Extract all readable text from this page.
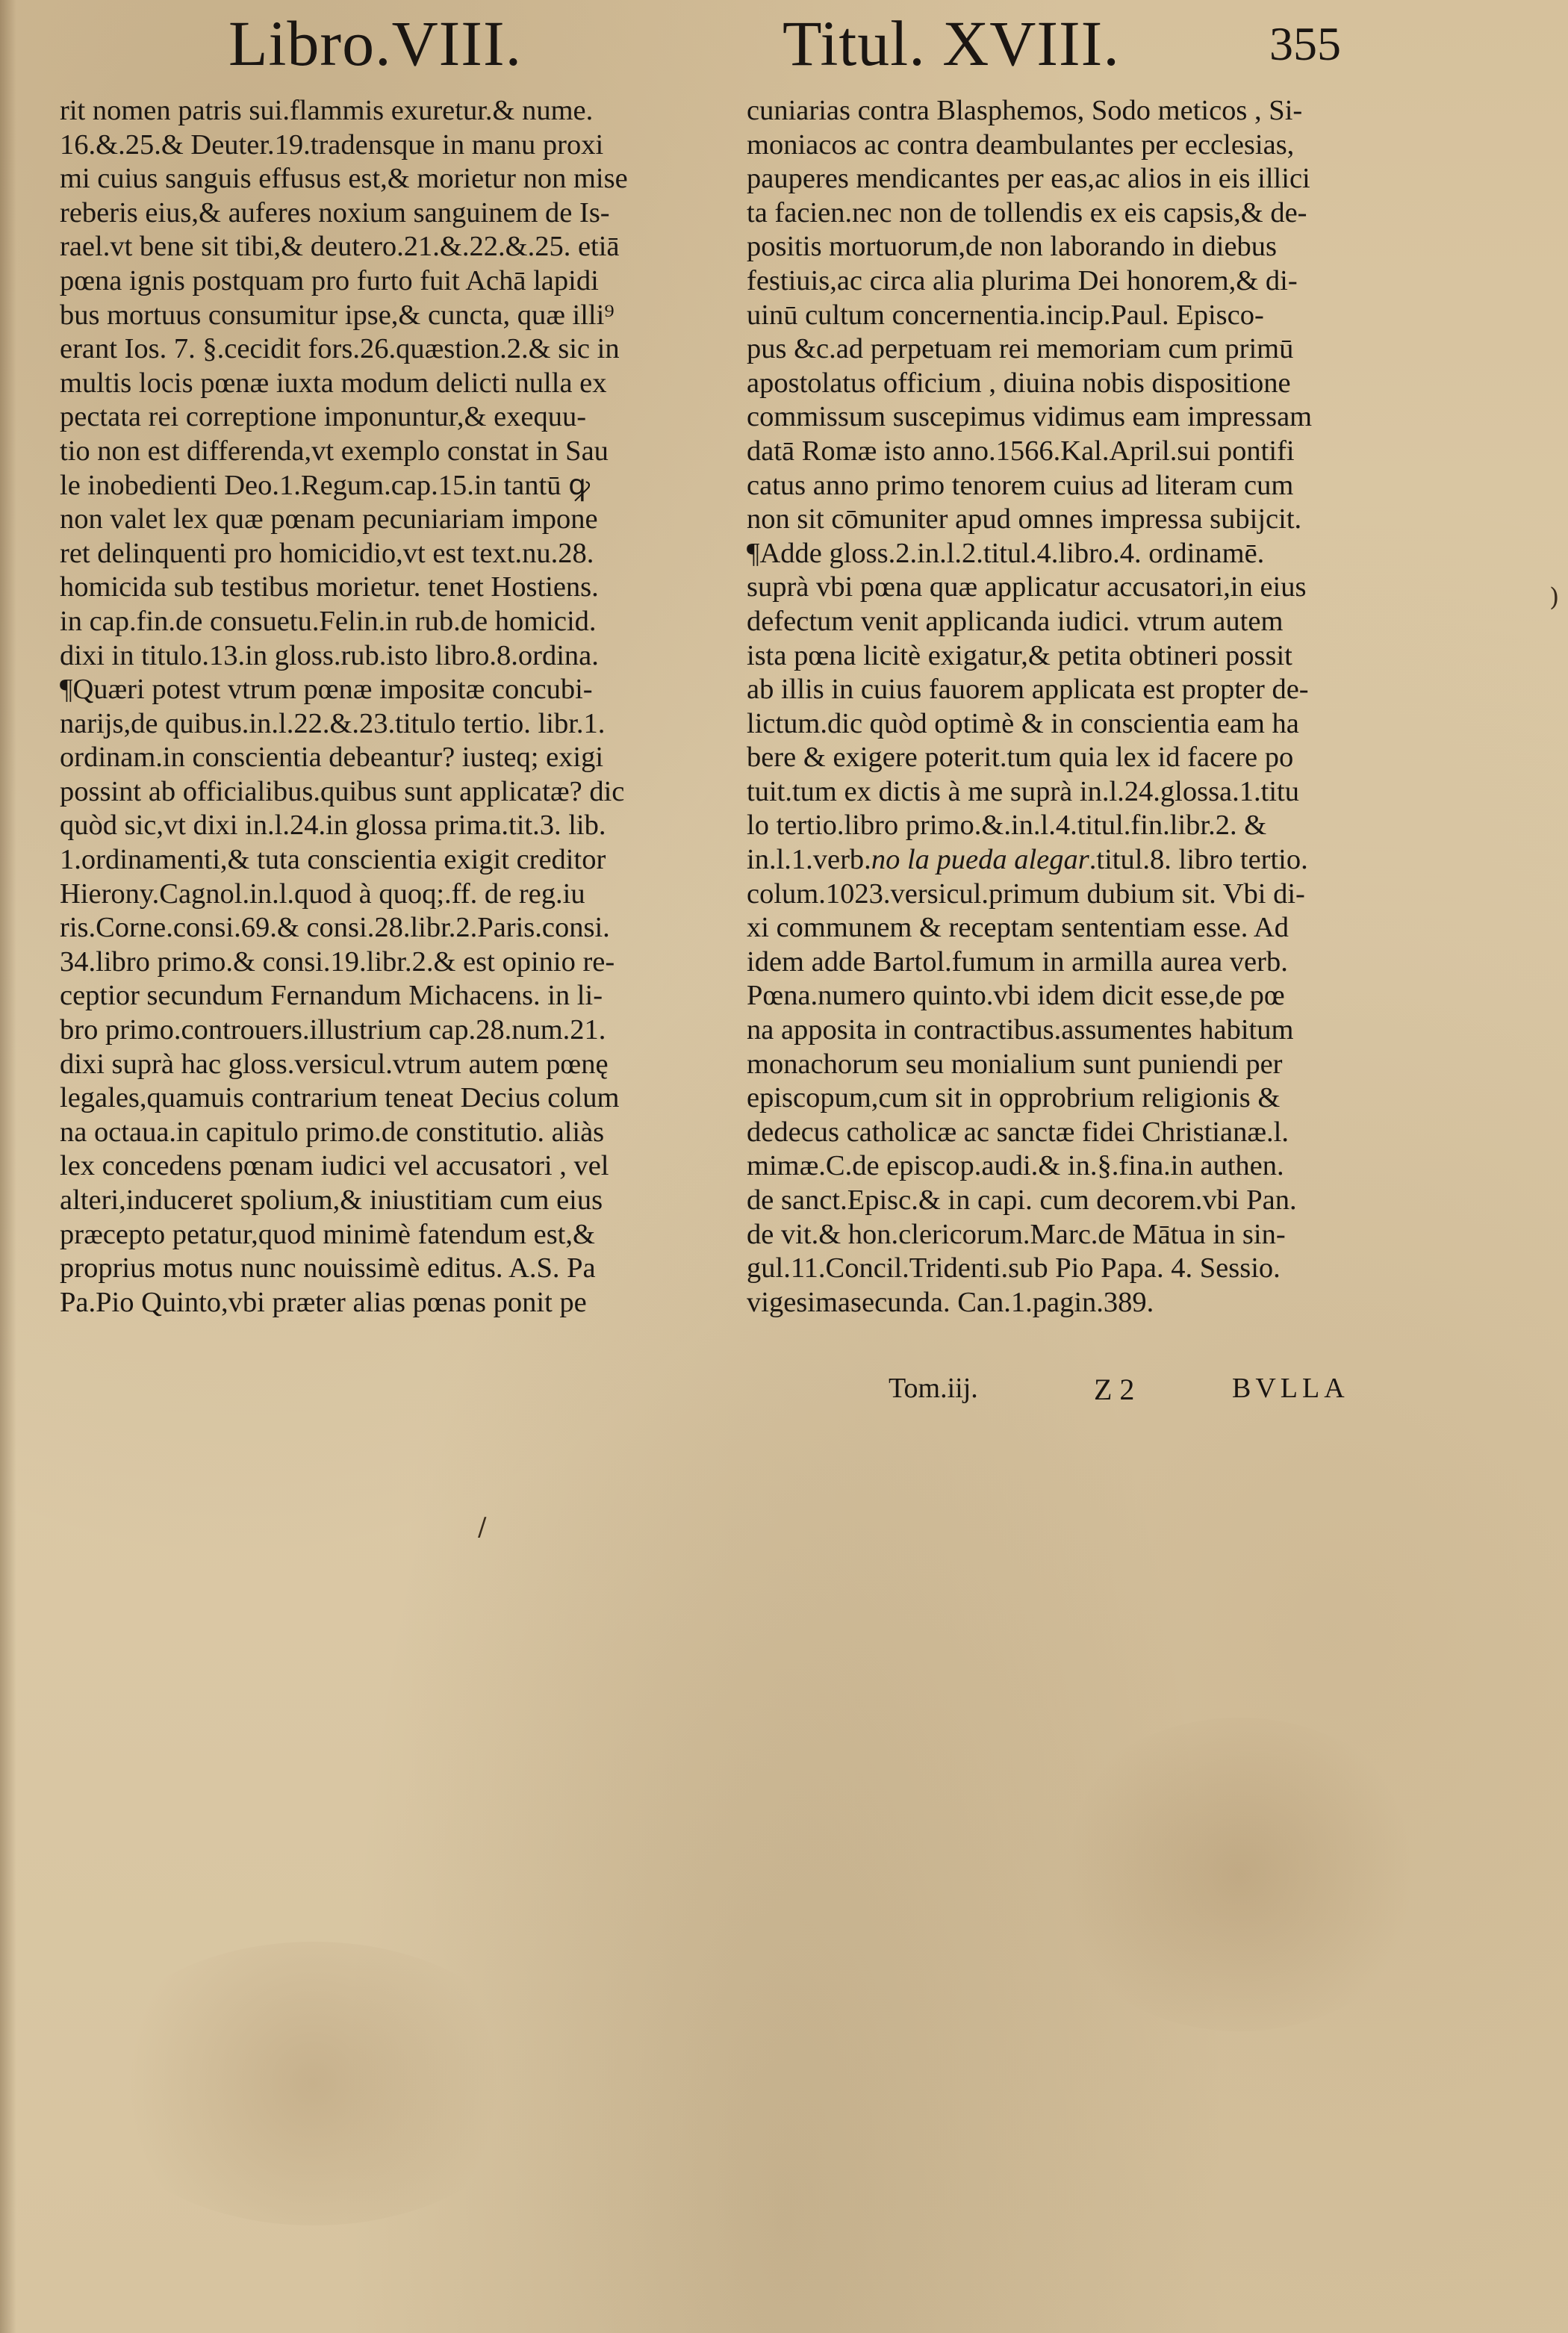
Libro.VIII.	Titul. XVIII.	355
rit nomen patris sui.flammis exuretur.& nume.
16.&.25.& Deuter.19.tradensque in manu proxi
mi cuius sanguis effusus est,& morietur non mise
reberis eius,& auferes noxium sanguinem de Is-
rael.vt bene sit tibi,& deutero.21.&.22.&.25. etiā
pœna ignis postquam pro furto fuit Achā lapidi
bus mortuus consumitur ipse,& cuncta, quæ illi⁹
erant Ios. 7. §.cecidit fors.26.quæstion.2.& sic in
multis locis pœnæ iuxta modum delicti nulla ex
pectata rei correptione imponuntur,& exequu-
tio non est differenda,vt exemplo constat in Sau
le inobedienti Deo.1.Regum.cap.15.in tantū ꝙ
non valet lex quæ pœnam pecuniariam impone
ret delinquenti pro homicidio,vt est text.nu.28.
homicida sub testibus morietur. tenet Hostiens.
in cap.fin.de consuetu.Felin.in rub.de homicid.
dixi in titulo.13.in gloss.rub.isto libro.8.ordina.
¶Quæri potest vtrum pœnæ impositæ concubi-
narijs,de quibus.in.l.22.&.23.titulo tertio. libr.1.
ordinam.in conscientia debeantur? iusteq; exigi
possint ab officialibus.quibus sunt applicatæ? dic
quòd sic,vt dixi in.l.24.in glossa prima.tit.3. lib.
1.ordinamenti,& tuta conscientia exigit creditor
Hierony.Cagnol.in.l.quod à quoq;.ff. de reg.iu
ris.Corne.consi.69.& consi.28.libr.2.Paris.consi.
34.libro primo.& consi.19.libr.2.& est opinio re-
ceptior secundum Fernandum Michacens. in li-
bro primo.controuers.illustrium cap.28.num.21.
dixi suprà hac gloss.versicul.vtrum autem pœnę
legales,quamuis contrarium teneat Decius colum
na octaua.in capitulo primo.de constitutio. aliàs
lex concedens pœnam iudici vel accusatori , vel
alteri,induceret spolium,& iniustitiam cum eius
præcepto petatur,quod minimè fatendum est,&
proprius motus nunc nouissimè editus. A.S. Pa
Pa.Pio Quinto,vbi præter alias pœnas ponit pe
cuniarias contra Blasphemos, Sodo meticos , Si-
moniacos ac contra deambulantes per ecclesias,
pauperes mendicantes per eas,ac alios in eis illici
ta facien.nec non de tollendis ex eis capsis,& de-
positis mortuorum,de non laborando in diebus
festiuis,ac circa alia plurima Dei honorem,& di-
uinū cultum concernentia.incip.Paul. Episco-
pus &c.ad perpetuam rei memoriam cum primū
apostolatus officium , diuina nobis dispositione
commissum suscepimus vidimus eam impressam
datā Romæ isto anno.1566.Kal.April.sui pontifi
catus anno primo tenorem cuius ad literam cum
non sit cōmuniter apud omnes impressa subijcit.
¶Adde gloss.2.in.l.2.titul.4.libro.4. ordinamē.
suprà vbi pœna quæ applicatur accusatori,in eius
defectum venit applicanda iudici. vtrum autem
ista pœna licitè exigatur,& petita obtineri possit
ab illis in cuius fauorem applicata est propter de-
lictum.dic quòd optimè & in conscientia eam ha
bere & exigere poterit.tum quia lex id facere po
tuit.tum ex dictis à me suprà in.l.24.glossa.1.titu
lo tertio.libro primo.&.in.l.4.titul.fin.libr.2. &
in.l.1.verb.no la pueda alegar.titul.8. libro tertio.
colum.1023.versicul.primum dubium sit. Vbi di-
xi communem & receptam sententiam esse. Ad
idem adde Bartol.fumum in armilla aurea verb.
Pœna.numero quinto.vbi idem dicit esse,de pœ
na apposita in contractibus.assumentes habitum
monachorum seu monialium sunt puniendi per
episcopum,cum sit in opprobrium religionis &
dedecus catholicæ ac sanctæ fidei Christianæ.l.
mimæ.C.de episcop.audi.& in.§.fina.in authen.
de sanct.Episc.& in capi. cum decorem.vbi Pan.
de vit.& hon.clericorum.Marc.de Mātua in sin-
gul.11.Concil.Tridenti.sub Pio Papa. 4. Sessio.
vigesimasecunda. Can.1.pagin.389.
Tom.iij.	Z 2	BVLLA
/
)
